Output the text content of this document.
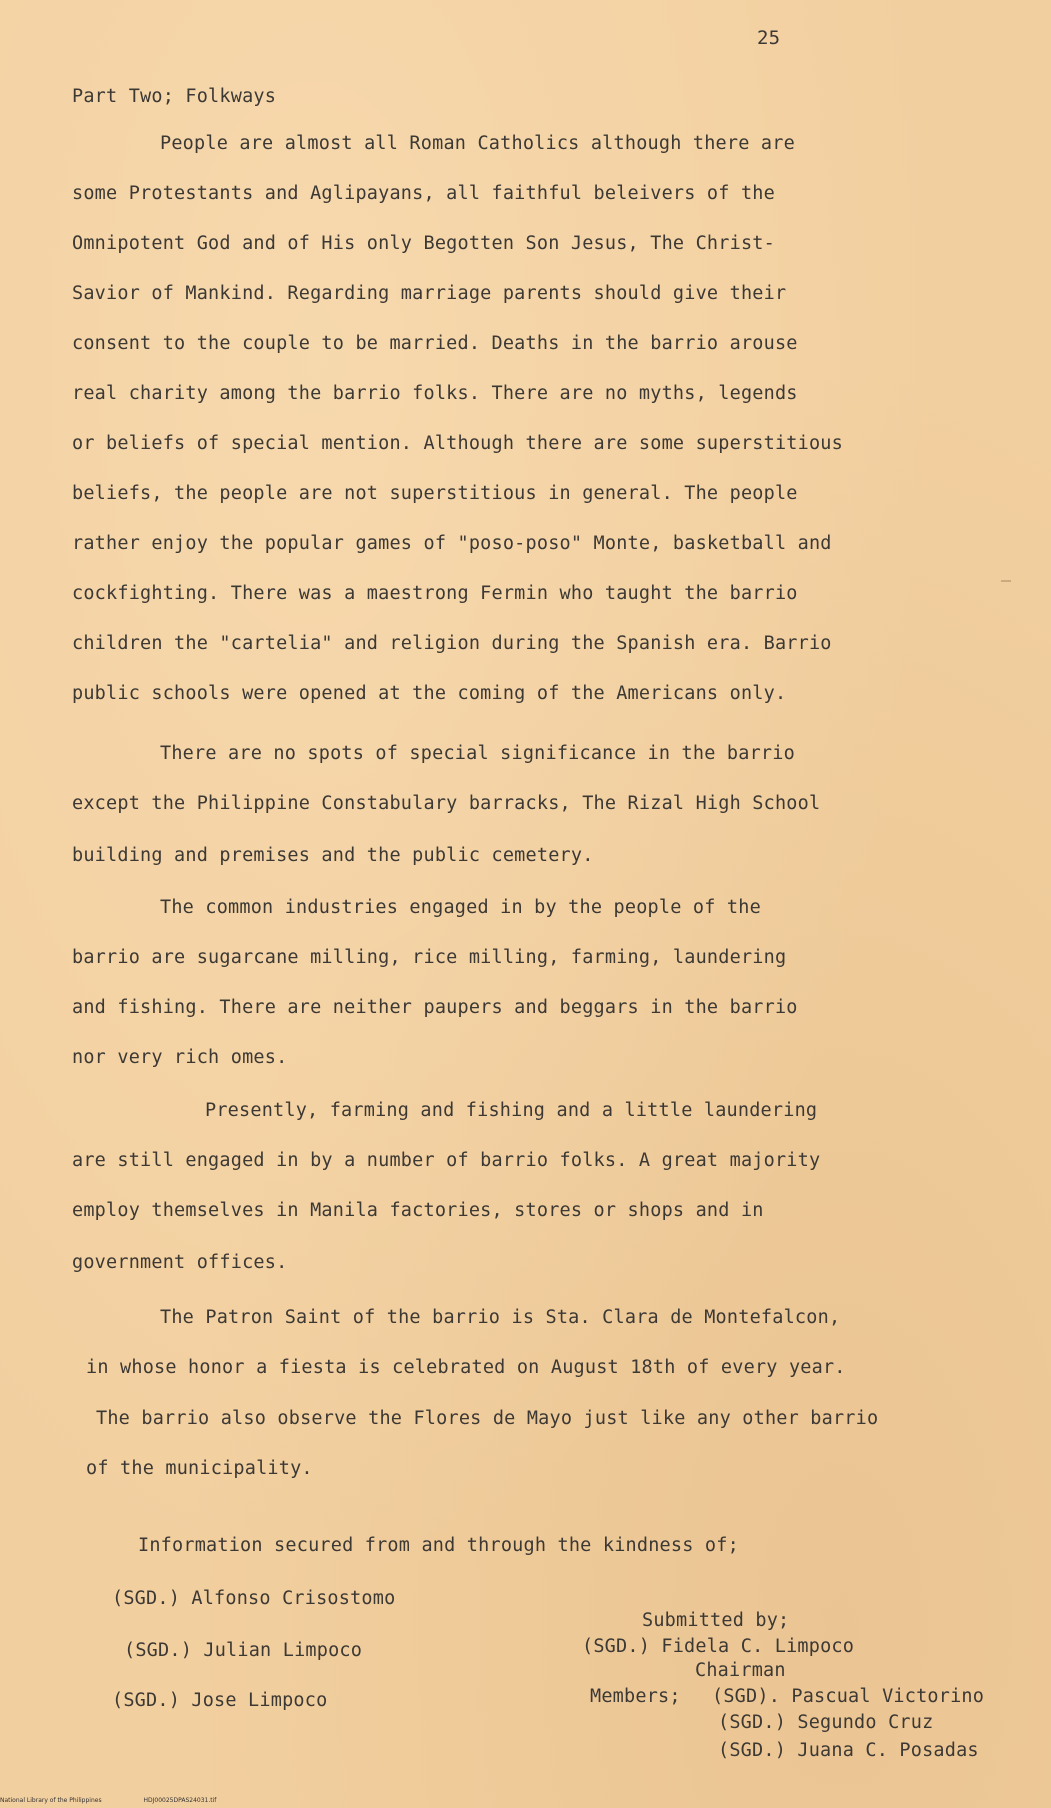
25
Part Two; Folkways
People are almost all Roman Catholics although there are
some Protestants and Aglipayans, all faithful beleivers of the
Omnipotent God and of His only Begotten Son Jesus, The Christ-
Savior of Mankind. Regarding marriage parents should give their
consent to the couple to be married. Deaths in the barrio arouse
real charity among the barrio folks. There are no myths, legends
or beliefs of special mention. Although there are some superstitious
beliefs, the people are not superstitious in general. The people
rather enjoy the popular games of "poso-poso" Monte, basketball and
cockfighting. There was a maestrong Fermin who taught the barrio
children the "cartelia" and religion during the Spanish era. Barrio
public schools were opened at the coming of the Americans only.
There are no spots of special significance in the barrio
except the Philippine Constabulary barracks, The Rizal High School
building and premises and the public cemetery.
The common industries engaged in by the people of the
barrio are sugarcane milling, rice milling, farming, laundering
and fishing. There are neither paupers and beggars in the barrio
nor very rich omes.
Presently, farming and fishing and a little laundering
are still engaged in by a number of barrio folks. A great majority
employ themselves in Manila factories, stores or shops and in
government offices.
The Patron Saint of the barrio is Sta. Clara de Montefalcon,
in whose honor a fiesta is celebrated on August 18th of every year.
The barrio also observe the Flores de Mayo just like any other barrio
of the municipality.
Information secured from and through the kindness of;
(SGD.) Alfonso Crisostomo
(SGD.) Julian Limpoco
(SGD.) Jose Limpoco
Submitted by;
(SGD.) Fidela C. Limpoco
Chairman
Members; (SGD). Pascual Victorino
(SGD.) Segundo Cruz
(SGD.) Juana C. Posadas
National Library of the Philippines	HDJ00025DPAS24031.tif
